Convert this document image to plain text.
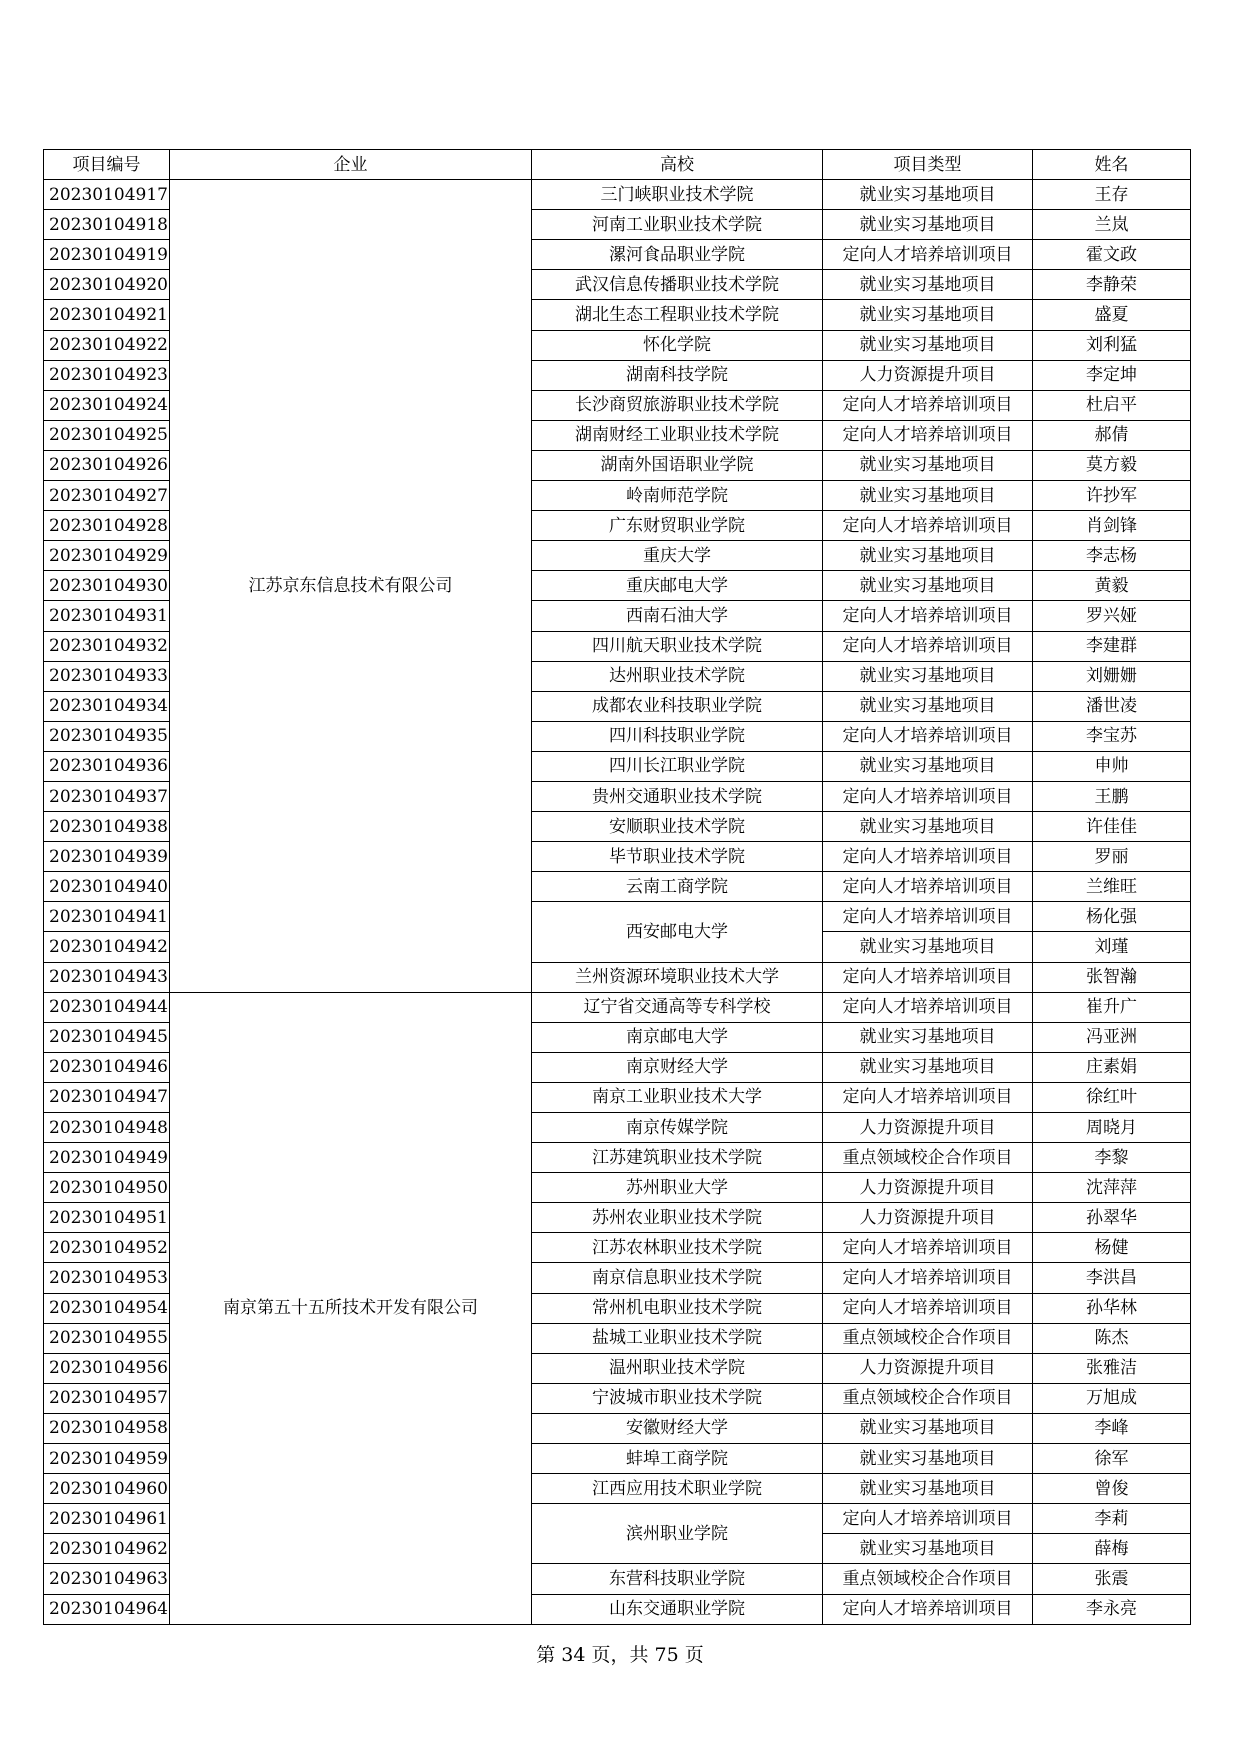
项目编号	企业	高校	项目类型	姓名
20230104917	江苏京东信息技术有限公司	三门峡职业技术学院	就业实习基地项目	王存
20230104918		河南工业职业技术学院	就业实习基地项目	兰岚
20230104919		漯河食品职业学院	定向人才培养培训项目	霍文政
20230104920		武汉信息传播职业技术学院	就业实习基地项目	李静荣
20230104921		湖北生态工程职业技术学院	就业实习基地项目	盛夏
20230104922		怀化学院	就业实习基地项目	刘利猛
20230104923		湖南科技学院	人力资源提升项目	李定坤
20230104924		长沙商贸旅游职业技术学院	定向人才培养培训项目	杜启平
20230104925		湖南财经工业职业技术学院	定向人才培养培训项目	郝倩
20230104926		湖南外国语职业学院	就业实习基地项目	莫方毅
20230104927		岭南师范学院	就业实习基地项目	许抄军
20230104928		广东财贸职业学院	定向人才培养培训项目	肖剑锋
20230104929		重庆大学	就业实习基地项目	李志杨
20230104930		重庆邮电大学	就业实习基地项目	黄毅
20230104931		西南石油大学	定向人才培养培训项目	罗兴娅
20230104932		四川航天职业技术学院	定向人才培养培训项目	李建群
20230104933		达州职业技术学院	就业实习基地项目	刘姗姗
20230104934		成都农业科技职业学院	就业实习基地项目	潘世凌
20230104935		四川科技职业学院	定向人才培养培训项目	李宝苏
20230104936		四川长江职业学院	就业实习基地项目	申帅
20230104937		贵州交通职业技术学院	定向人才培养培训项目	王鹏
20230104938		安顺职业技术学院	就业实习基地项目	许佳佳
20230104939		毕节职业技术学院	定向人才培养培训项目	罗丽
20230104940		云南工商学院	定向人才培养培训项目	兰维旺
20230104941		西安邮电大学	定向人才培养培训项目	杨化强
20230104942			就业实习基地项目	刘瑾
20230104943		兰州资源环境职业技术大学	定向人才培养培训项目	张智瀚
20230104944	南京第五十五所技术开发有限公司	辽宁省交通高等专科学校	定向人才培养培训项目	崔升广
20230104945		南京邮电大学	就业实习基地项目	冯亚洲
20230104946		南京财经大学	就业实习基地项目	庄素娟
20230104947		南京工业职业技术大学	定向人才培养培训项目	徐红叶
20230104948		南京传媒学院	人力资源提升项目	周晓月
20230104949		江苏建筑职业技术学院	重点领域校企合作项目	李黎
20230104950		苏州职业大学	人力资源提升项目	沈萍萍
20230104951		苏州农业职业技术学院	人力资源提升项目	孙翠华
20230104952		江苏农林职业技术学院	定向人才培养培训项目	杨健
20230104953		南京信息职业技术学院	定向人才培养培训项目	李洪昌
20230104954		常州机电职业技术学院	定向人才培养培训项目	孙华林
20230104955		盐城工业职业技术学院	重点领域校企合作项目	陈杰
20230104956		温州职业技术学院	人力资源提升项目	张雅洁
20230104957		宁波城市职业技术学院	重点领域校企合作项目	万旭成
20230104958		安徽财经大学	就业实习基地项目	李峰
20230104959		蚌埠工商学院	就业实习基地项目	徐军
20230104960		江西应用技术职业学院	就业实习基地项目	曾俊
20230104961		滨州职业学院	定向人才培养培训项目	李莉
20230104962			就业实习基地项目	薛梅
20230104963		东营科技职业学院	重点领域校企合作项目	张震
20230104964		山东交通职业学院	定向人才培养培训项目	李永亮
第 34 页，共 75 页
